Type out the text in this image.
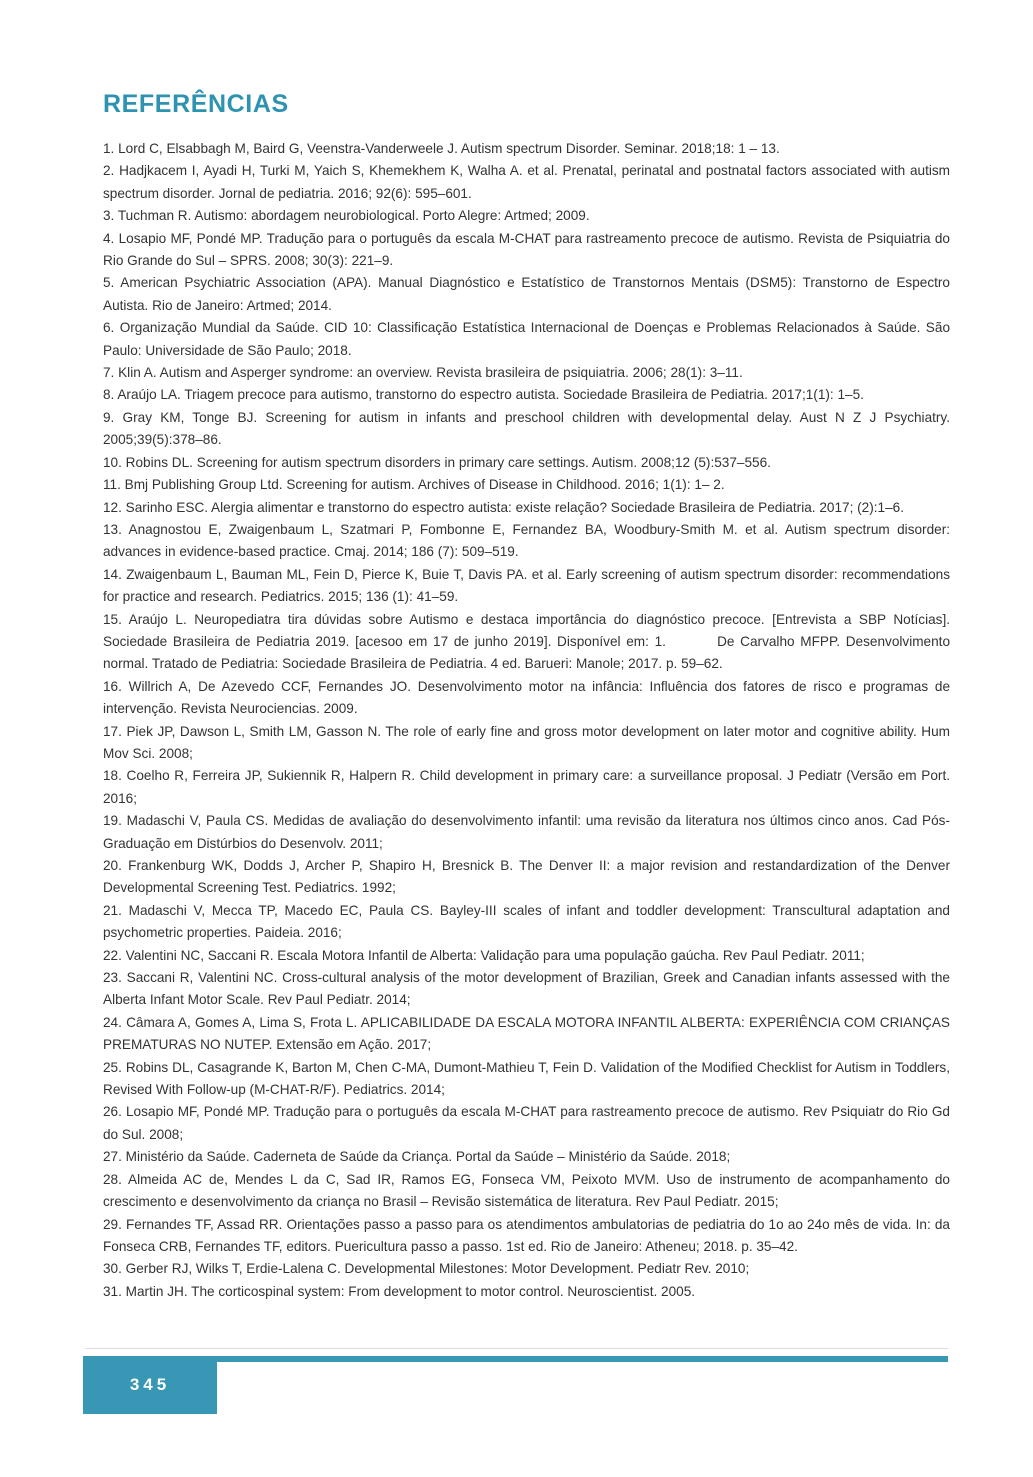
REFERÊNCIAS

1. Lord C, Elsabbagh M, Baird G, Veenstra-Vanderweele J. Autism spectrum Disorder. Seminar. 2018;18: 1 – 13.

2. Hadjkacem I, Ayadi H, Turki M, Yaich S, Khemekhem K, Walha A. et al. Prenatal, perinatal and postnatal factors associated with autism spectrum disorder. Jornal de pediatria. 2016; 92(6): 595–601.

3. Tuchman R. Autismo: abordagem neurobiological. Porto Alegre: Artmed; 2009.

4. Losapio MF, Pondé MP. Tradução para o português da escala M-CHAT para rastreamento precoce de autismo. Revista de Psiquiatria do Rio Grande do Sul – SPRS. 2008; 30(3): 221–9.

5. American Psychiatric Association (APA). Manual Diagnóstico e Estatístico de Transtornos Mentais (DSM5): Transtorno de Espectro Autista. Rio de Janeiro: Artmed; 2014.

6. Organização Mundial da Saúde. CID 10: Classificação Estatística Internacional de Doenças e Problemas Relacionados à Saúde. São Paulo: Universidade de São Paulo; 2018.

7. Klin A. Autism and Asperger syndrome: an overview. Revista brasileira de psiquiatria. 2006; 28(1): 3–11.

8. Araújo LA. Triagem precoce para autismo, transtorno do espectro autista. Sociedade Brasileira de Pediatria. 2017;1(1): 1–5.

9. Gray KM, Tonge BJ. Screening for autism in infants and preschool children with developmental delay. Aust N Z J Psychiatry. 2005;39(5):378–86.

10. Robins DL. Screening for autism spectrum disorders in primary care settings. Autism. 2008;12 (5):537–556.

11. Bmj Publishing Group Ltd. Screening for autism. Archives of Disease in Childhood. 2016; 1(1): 1– 2.

12. Sarinho ESC. Alergia alimentar e transtorno do espectro autista: existe relação? Sociedade Brasileira de Pediatria. 2017; (2):1–6.

13. Anagnostou E, Zwaigenbaum L, Szatmari P, Fombonne E, Fernandez BA, Woodbury-Smith M. et al. Autism spectrum disorder: advances in evidence-based practice. Cmaj. 2014; 186 (7): 509–519.

14. Zwaigenbaum L, Bauman ML, Fein D, Pierce K, Buie T, Davis PA. et al. Early screening of autism spectrum disorder: recommendations for practice and research. Pediatrics. 2015; 136 (1): 41–59.

15. Araújo L. Neuropediatra tira dúvidas sobre Autismo e destaca importância do diagnóstico precoce. [Entrevista a SBP Notícias]. Sociedade Brasileira de Pediatria 2019. [acesoo em 17 de junho 2019]. Disponível em: 1.         De Carvalho MFPP. Desenvolvimento normal. Tratado de Pediatria: Sociedade Brasileira de Pediatria. 4 ed. Barueri: Manole; 2017. p. 59–62.

16. Willrich A, De Azevedo CCF, Fernandes JO. Desenvolvimento motor na infância: Influência dos fatores de risco e programas de intervenção. Revista Neurociencias. 2009.

17. Piek JP, Dawson L, Smith LM, Gasson N. The role of early fine and gross motor development on later motor and cognitive ability. Hum Mov Sci. 2008;

18. Coelho R, Ferreira JP, Sukiennik R, Halpern R. Child development in primary care: a surveillance proposal. J Pediatr (Versão em Port. 2016;

19. Madaschi V, Paula CS. Medidas de avaliação do desenvolvimento infantil: uma revisão da literatura nos últimos cinco anos. Cad Pós-Graduação em Distúrbios do Desenvolv. 2011;

20. Frankenburg WK, Dodds J, Archer P, Shapiro H, Bresnick B. The Denver II: a major revision and restandardization of the Denver Developmental Screening Test. Pediatrics. 1992;

21. Madaschi V, Mecca TP, Macedo EC, Paula CS. Bayley-III scales of infant and toddler development: Transcultural adaptation and psychometric properties. Paideia. 2016;

22. Valentini NC, Saccani R. Escala Motora Infantil de Alberta: Validação para uma população gaúcha. Rev Paul Pediatr. 2011;

23. Saccani R, Valentini NC. Cross-cultural analysis of the motor development of Brazilian, Greek and Canadian infants assessed with the Alberta Infant Motor Scale. Rev Paul Pediatr. 2014;

24. Câmara A, Gomes A, Lima S, Frota L. APLICABILIDADE DA ESCALA MOTORA INFANTIL ALBERTA: EXPERIÊNCIA COM CRIANÇAS PREMATURAS NO NUTEP. Extensão em Ação. 2017;

25. Robins DL, Casagrande K, Barton M, Chen C-MA, Dumont-Mathieu T, Fein D. Validation of the Modified Checklist for Autism in Toddlers, Revised With Follow-up (M-CHAT-R/F). Pediatrics. 2014;

26. Losapio MF, Pondé MP. Tradução para o português da escala M-CHAT para rastreamento precoce de autismo. Rev Psiquiatr do Rio Gd do Sul. 2008;

27. Ministério da Saúde. Caderneta de Saúde da Criança. Portal da Saúde – Ministério da Saúde. 2018;

28. Almeida AC de, Mendes L da C, Sad IR, Ramos EG, Fonseca VM, Peixoto MVM. Uso de instrumento de acompanhamento do crescimento e desenvolvimento da criança no Brasil – Revisão sistemática de literatura. Rev Paul Pediatr. 2015;

29. Fernandes TF, Assad RR. Orientações passo a passo para os atendimentos ambulatorias de pediatria do 1o ao 24o mês de vida. In: da Fonseca CRB, Fernandes TF, editors. Puericultura passo a passo. 1st ed. Rio de Janeiro: Atheneu; 2018. p. 35–42.

30. Gerber RJ, Wilks T, Erdie-Lalena C. Developmental Milestones: Motor Development. Pediatr Rev. 2010;

31. Martin JH. The corticospinal system: From development to motor control. Neuroscientist. 2005.

345
